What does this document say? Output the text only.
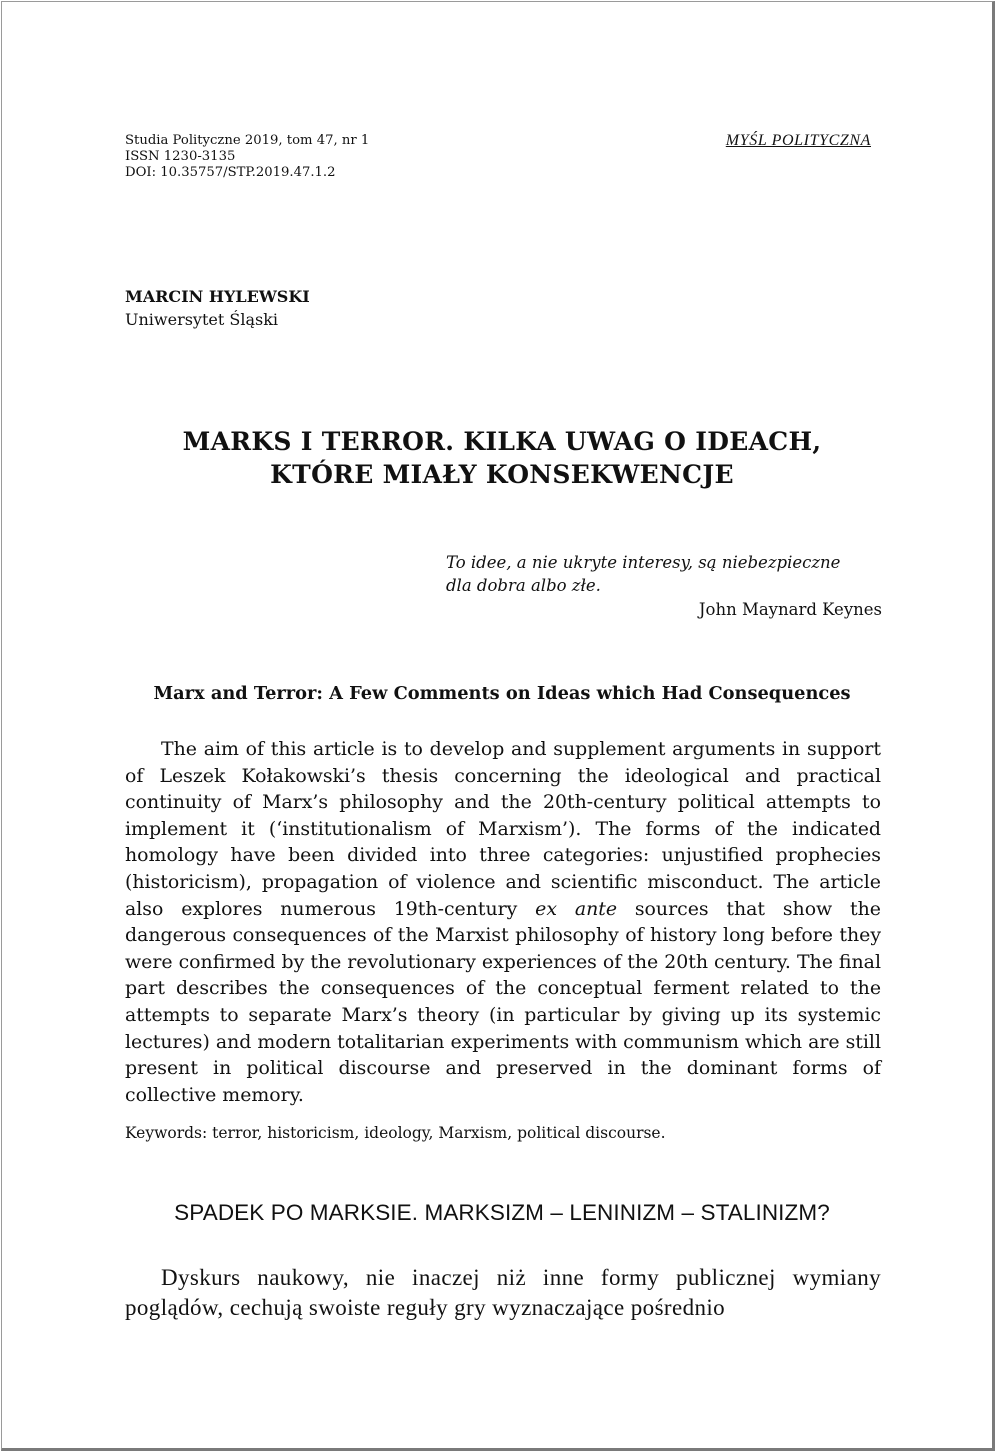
Studia Polityczne 2019, tom 47, nr 1
ISSN 1230-3135
DOI: 10.35757/STP.2019.47.1.2
MYŚL POLITYCZNA
MARCIN HYLEWSKI
Uniwersytet Śląski
MARKS I TERROR. KILKA UWAG O IDEACH,
KTÓRE MIAŁY KONSEKWENCJE
To idee, a nie ukryte interesy, są niebezpieczne
dla dobra albo złe.
John Maynard Keynes
Marx and Terror: A Few Comments on Ideas which Had Consequences

The aim of this article is to develop and supplement arguments in support of Leszek Kołakowski’s thesis concerning the ideological and practical continuity of Marx’s philosophy and the 20th-century political attempts to implement it (‘institutionalism of Marxism’). The forms of the indicated homology have been divided into three categories: unjustified prophecies (historicism), propagation of violence and scientific misconduct. The article also explores numerous 19th-century ex ante sources that show the dangerous consequences of the Marxist philosophy of history long before they were confirmed by the revolutionary experiences of the 20th century. The final part describes the consequences of the conceptual ferment related to the attempts to separate Marx’s theory (in particular by giving up its systemic lectures) and modern totalitarian experiments with communism which are still present in political discourse and preserved in the dominant forms of collective memory.

Keywords: terror, historicism, ideology, Marxism, political discourse.
SPADEK PO MARKSIE. MARKSIZM – LENINIZM – STALINIZM?

Dyskurs naukowy, nie inaczej niż inne formy publicznej wymiany poglądów, cechują swoiste reguły gry wyznaczające pośrednio
